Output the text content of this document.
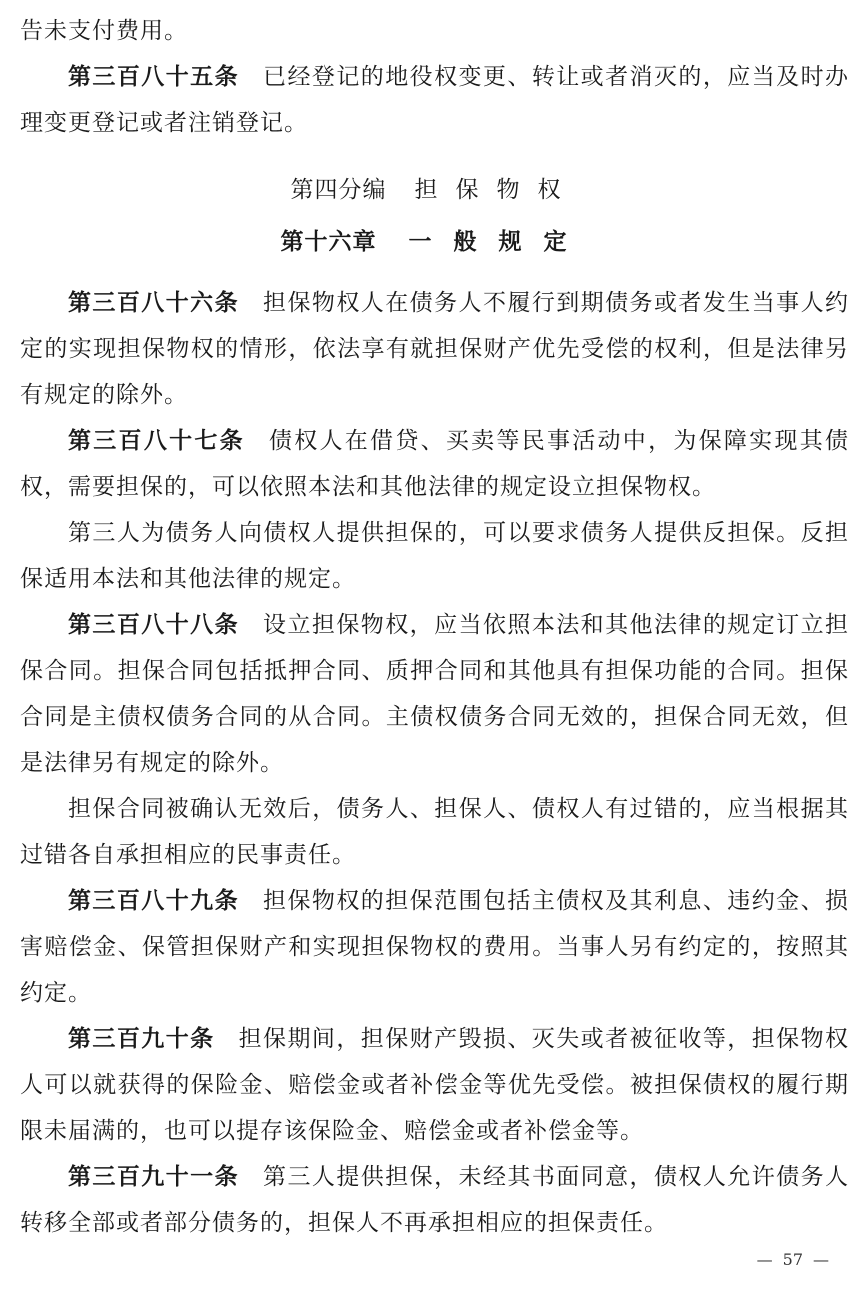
告未支付费用。

第三百八十五条 已经登记的地役权变更、转让或者消灭的，应当及时办理变更登记或者注销登记。

第四分编 担保物权

第十六章 一般规定

第三百八十六条 担保物权人在债务人不履行到期债务或者发生当事人约定的实现担保物权的情形，依法享有就担保财产优先受偿的权利，但是法律另有规定的除外。

第三百八十七条 债权人在借贷、买卖等民事活动中，为保障实现其债权，需要担保的，可以依照本法和其他法律的规定设立担保物权。

第三人为债务人向债权人提供担保的，可以要求债务人提供反担保。反担保适用本法和其他法律的规定。

第三百八十八条 设立担保物权，应当依照本法和其他法律的规定订立担保合同。担保合同包括抵押合同、质押合同和其他具有担保功能的合同。担保合同是主债权债务合同的从合同。主债权债务合同无效的，担保合同无效，但是法律另有规定的除外。

担保合同被确认无效后，债务人、担保人、债权人有过错的，应当根据其过错各自承担相应的民事责任。

第三百八十九条 担保物权的担保范围包括主债权及其利息、违约金、损害赔偿金、保管担保财产和实现担保物权的费用。当事人另有约定的，按照其约定。

第三百九十条 担保期间，担保财产毁损、灭失或者被征收等，担保物权人可以就获得的保险金、赔偿金或者补偿金等优先受偿。被担保债权的履行期限未届满的，也可以提存该保险金、赔偿金或者补偿金等。

第三百九十一条 第三人提供担保，未经其书面同意，债权人允许债务人转移全部或者部分债务的，担保人不再承担相应的担保责任。

— 57 —
